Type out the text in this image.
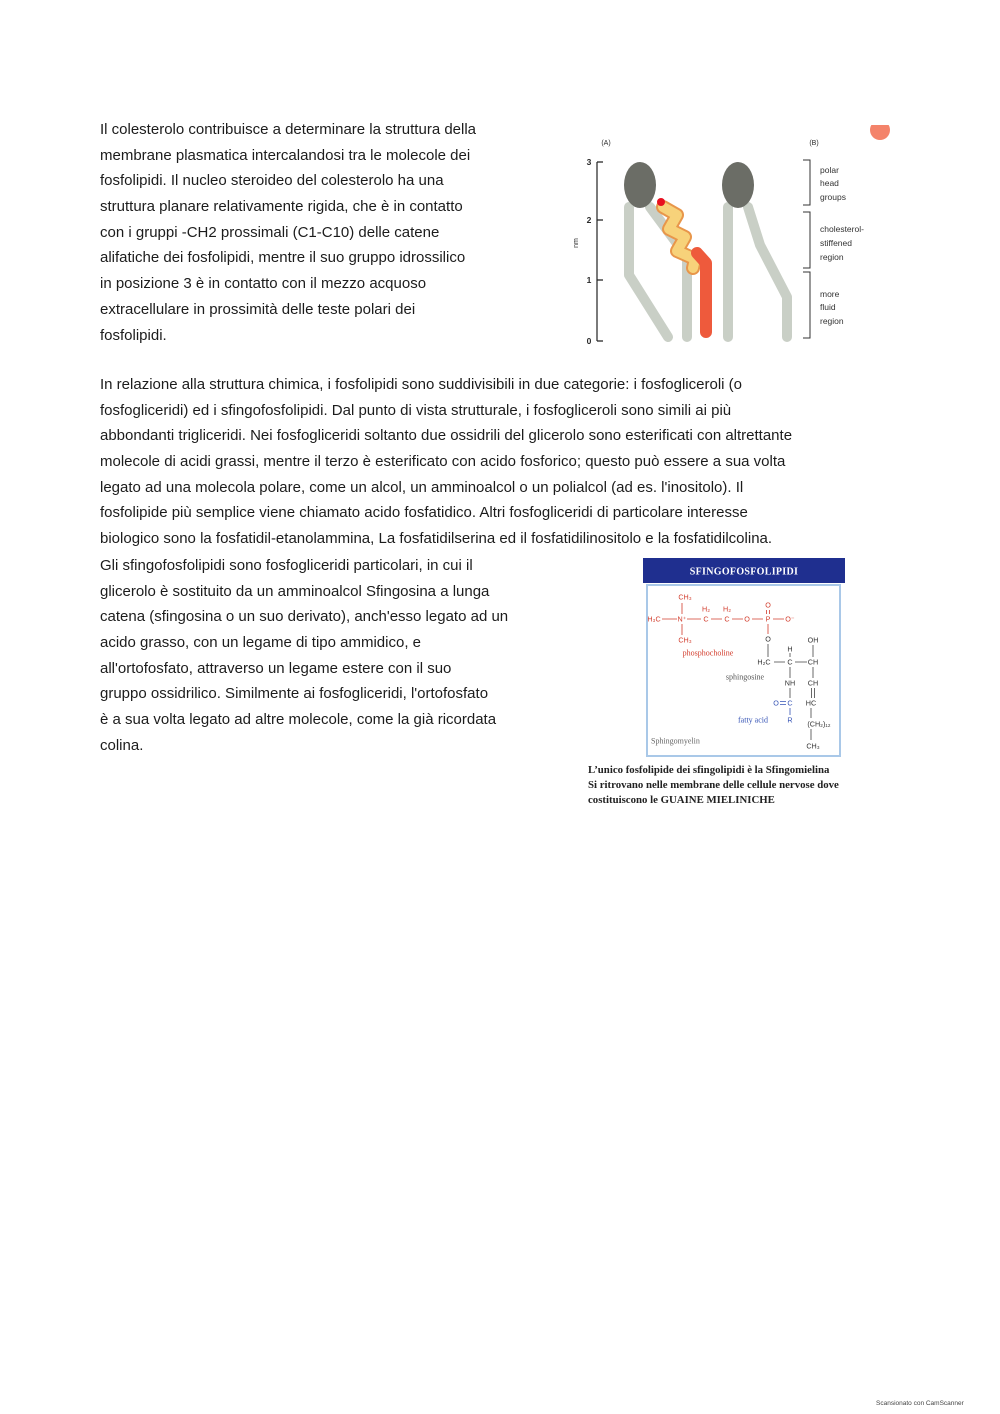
Il colesterolo contribuisce a determinare la struttura della
membrane plasmatica intercalandosi tra le molecole dei
fosfolipidi. Il nucleo steroideo del colesterolo ha una
struttura planare relativamente rigida, che è in contatto
con i gruppi -CH2 prossimali (C1-C10) delle catene
alifatiche dei fosfolipidi, mentre il suo gruppo idrossilico
in posizione 3 è in contatto con il mezzo acquoso
extracellulare in prossimità delle teste polari dei
fosfolipidi.
(A)	(B)
3
2
1
0
nm
polar
head
groups
cholesterol-
stiffened
region
more
fluid
region
In relazione alla struttura chimica, i fosfolipidi sono suddivisibili in due categorie: i fosfogliceroli (o
fosfogliceridi) ed i sfingofosfolipidi. Dal punto di vista strutturale, i fosfogliceroli sono simili ai più
abbondanti trigliceridi. Nei fosfogliceridi soltanto due ossidrili del glicerolo sono esterificati con altrettante
molecole di acidi grassi, mentre il terzo è esterificato con acido fosforico; questo può essere a sua volta
legato ad una molecola polare, come un alcol, un amminoalcol o un polialcol (ad es. l'inositolo). Il
fosfolipide più semplice viene chiamato acido fosfatidico. Altri fosfogliceridi di particolare interesse
biologico sono la fosfatidil-etanolammina, La fosfatidilserina ed il fosfatidilinositolo e la fosfatidilcolina.
Gli sfingofosfolipidi sono fosfogliceridi particolari, in cui il
glicerolo è sostituito da un amminoalcol Sfingosina a lunga
catena (sfingosina o un suo derivato), anch'esso legato ad un
acido grasso, con un legame di tipo ammidico, e
all'ortofosfato, attraverso un legame estere con il suo
gruppo ossidrilico. Similmente ai fosfogliceridi, l'ortofosfato
è a sua volta legato ad altre molecole, come la già ricordata
colina.
SFINGOFOSFOLIPIDI
CH₃
H₂ H₂	O
H₃C N⁺ C C O P O⁻
CH₃	O	OH
H
H₂C C CH
NH CH
O C HC
R (CH₂)₁₂
CH₃
phosphocholine
sphingosine
fatty acid
Sphingomyelin
L’unico fosfolipide dei sfingolipidi è la Sfingomielina
Si ritrovano nelle membrane delle cellule nervose dove
costituiscono le GUAINE MIELINICHE
Scansionato con CamScanner
